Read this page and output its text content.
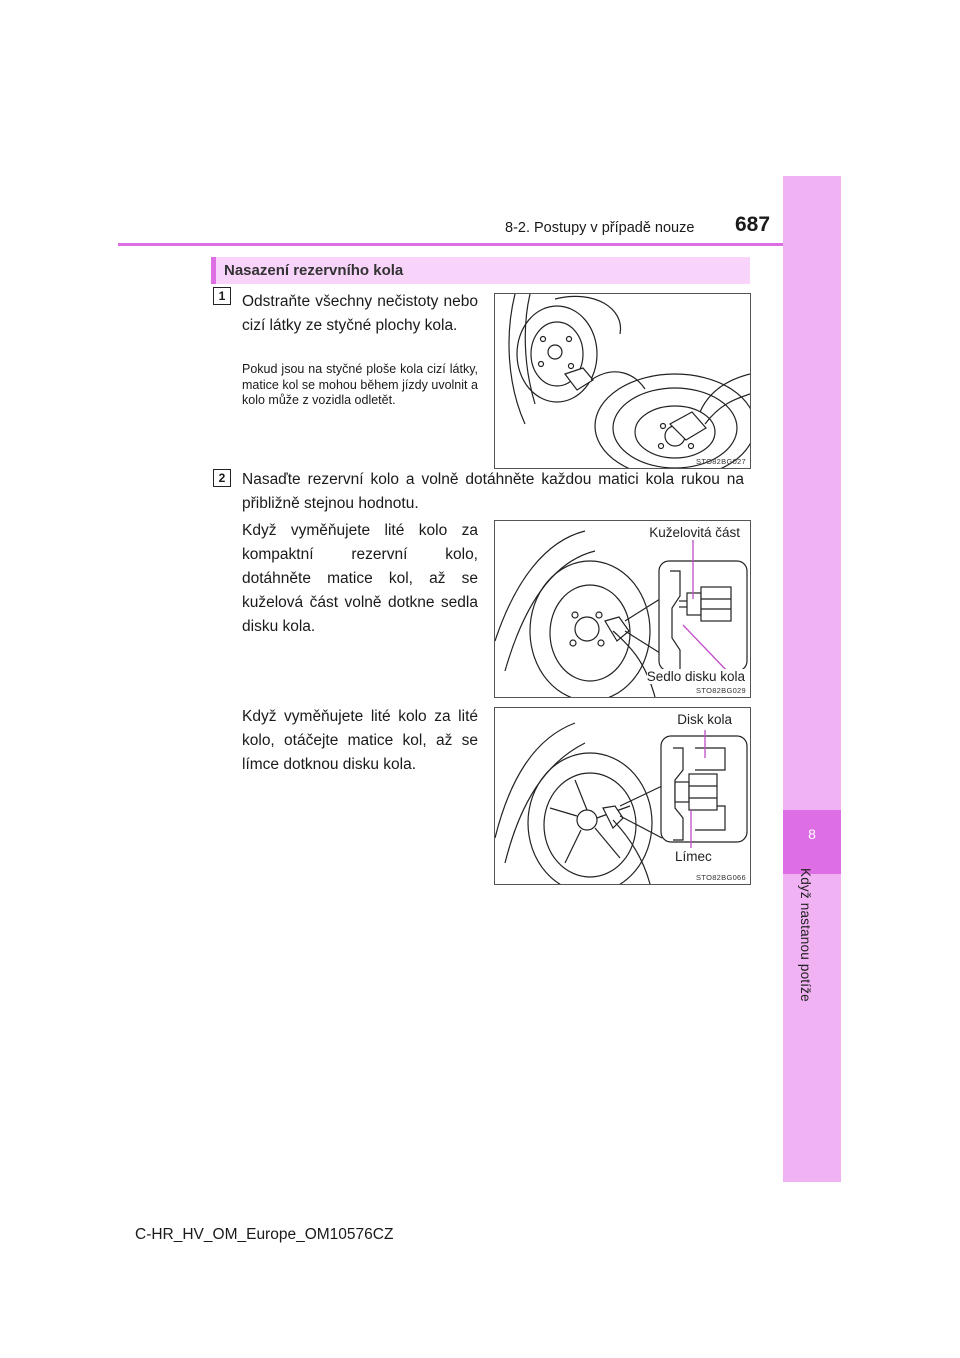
8
Když nastanou potíže
8-2. Postupy v případě nouze 687
Nasazení rezervního kola
1	Odstraňte všechny nečistoty nebo cizí látky ze styčné plochy kola.
Pokud jsou na styčné ploše kola cizí látky, matice kol se mohou během jízdy uvolnit a kolo může z vozidla odletět.
STO82BG027
2	Nasaďte rezervní kolo a volně dotáhněte každou matici kola rukou na přibližně stejnou hodnotu.
Když vyměňujete lité kolo za kompaktní rezervní kolo, dotáhněte matice kol, až se kuželová část volně dotkne sedla disku kola.
Kuželovitá část
Sedlo disku kola
STO82BG029
Když vyměňujete lité kolo za lité kolo, otáčejte matice kol, až se límce dotknou disku kola.
Disk kola
Límec
STO82BG066
C-HR_HV_OM_Europe_OM10576CZ
